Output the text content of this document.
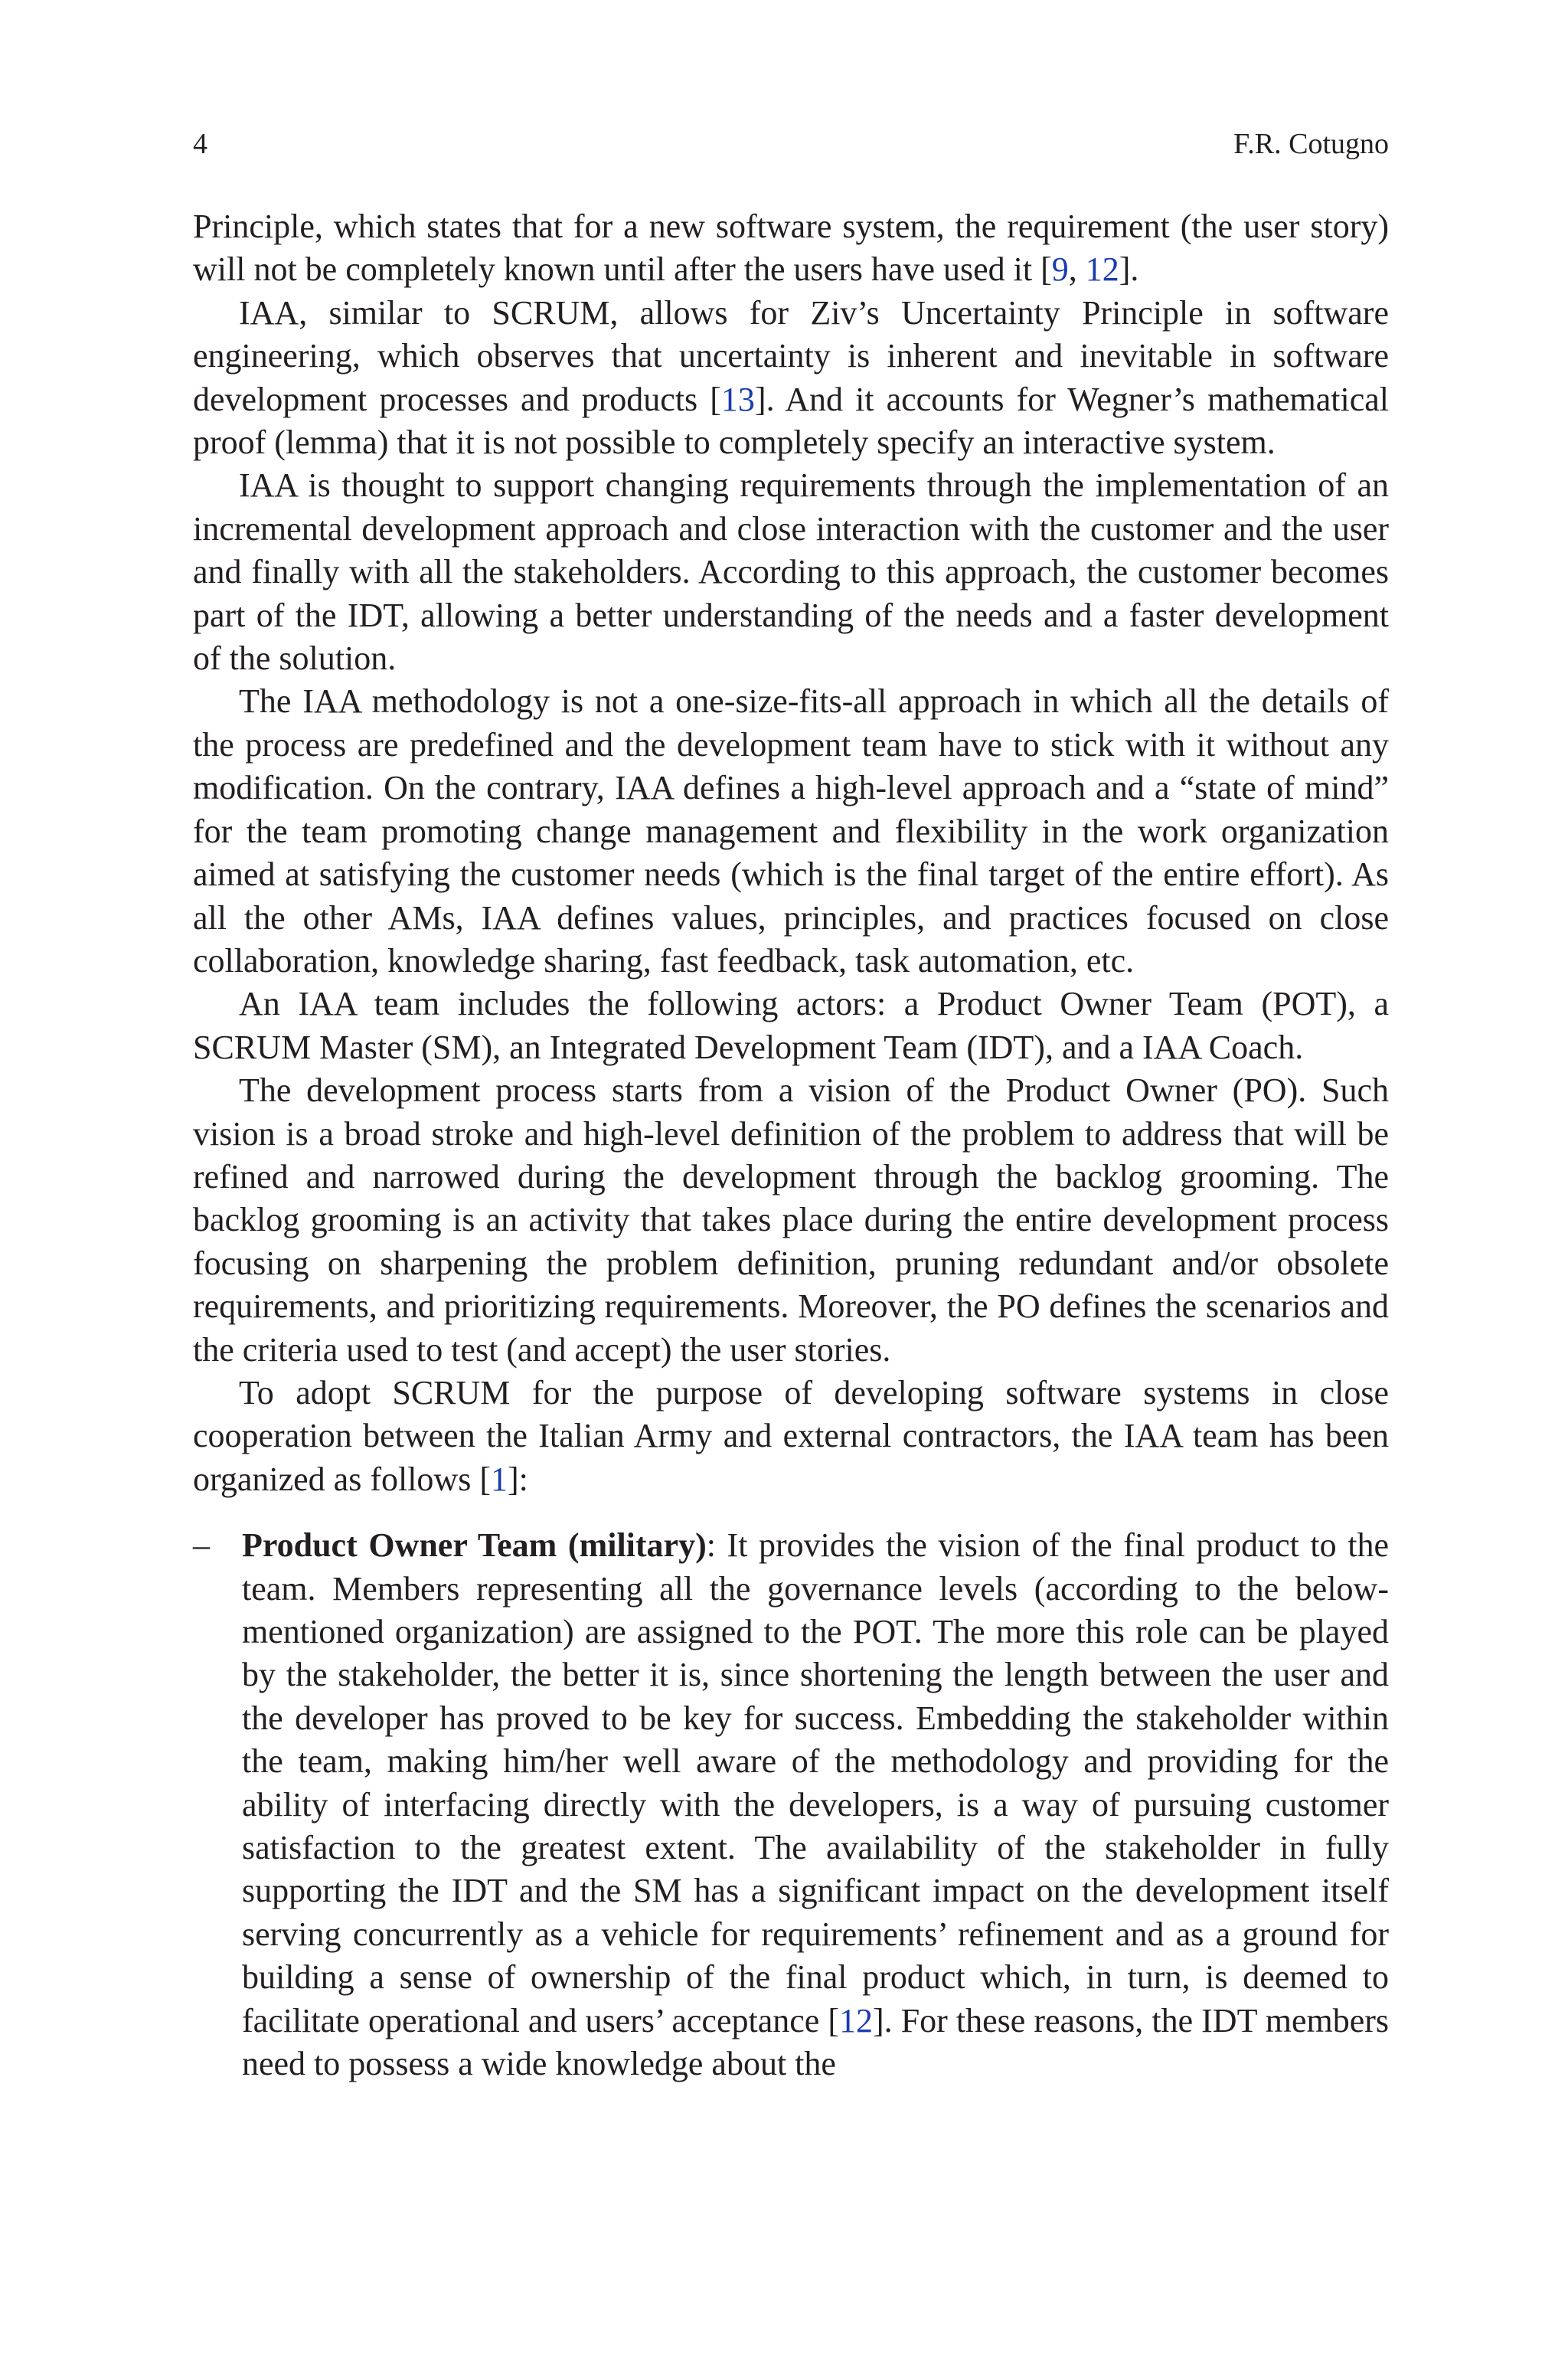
4	F.R. Cotugno

Principle, which states that for a new software system, the requirement (the user story) will not be completely known until after the users have used it [9, 12].

IAA, similar to SCRUM, allows for Ziv’s Uncertainty Principle in software engineering, which observes that uncertainty is inherent and inevitable in software development processes and products [13]. And it accounts for Wegner’s mathematical proof (lemma) that it is not possible to completely specify an interactive system.

IAA is thought to support changing requirements through the implementation of an incremental development approach and close interaction with the customer and the user and finally with all the stakeholders. According to this approach, the customer becomes part of the IDT, allowing a better understanding of the needs and a faster development of the solution.

The IAA methodology is not a one-size-fits-all approach in which all the details of the process are predefined and the development team have to stick with it without any modification. On the contrary, IAA defines a high-level approach and a “state of mind” for the team promoting change management and flexibility in the work organization aimed at satisfying the customer needs (which is the final target of the entire effort). As all the other AMs, IAA defines values, principles, and practices focused on close collaboration, knowledge sharing, fast feedback, task automation, etc.

An IAA team includes the following actors: a Product Owner Team (POT), a SCRUM Master (SM), an Integrated Development Team (IDT), and a IAA Coach.

The development process starts from a vision of the Product Owner (PO). Such vision is a broad stroke and high-level definition of the problem to address that will be refined and narrowed during the development through the backlog grooming. The backlog grooming is an activity that takes place during the entire development process focusing on sharpening the problem definition, pruning redundant and/or obsolete requirements, and prioritizing requirements. Moreover, the PO defines the scenarios and the criteria used to test (and accept) the user stories.

To adopt SCRUM for the purpose of developing software systems in close cooperation between the Italian Army and external contractors, the IAA team has been organized as follows [1]:

– Product Owner Team (military): It provides the vision of the final product to the team. Members representing all the governance levels (according to the below-mentioned organization) are assigned to the POT. The more this role can be played by the stakeholder, the better it is, since shortening the length between the user and the developer has proved to be key for success. Embedding the stakeholder within the team, making him/her well aware of the methodology and providing for the ability of interfacing directly with the developers, is a way of pursuing customer satisfaction to the greatest extent. The availability of the stakeholder in fully supporting the IDT and the SM has a significant impact on the development itself serving concurrently as a vehicle for requirements’ refinement and as a ground for building a sense of ownership of the final product which, in turn, is deemed to facilitate operational and users’ acceptance [12]. For these reasons, the IDT members need to possess a wide knowledge about the
